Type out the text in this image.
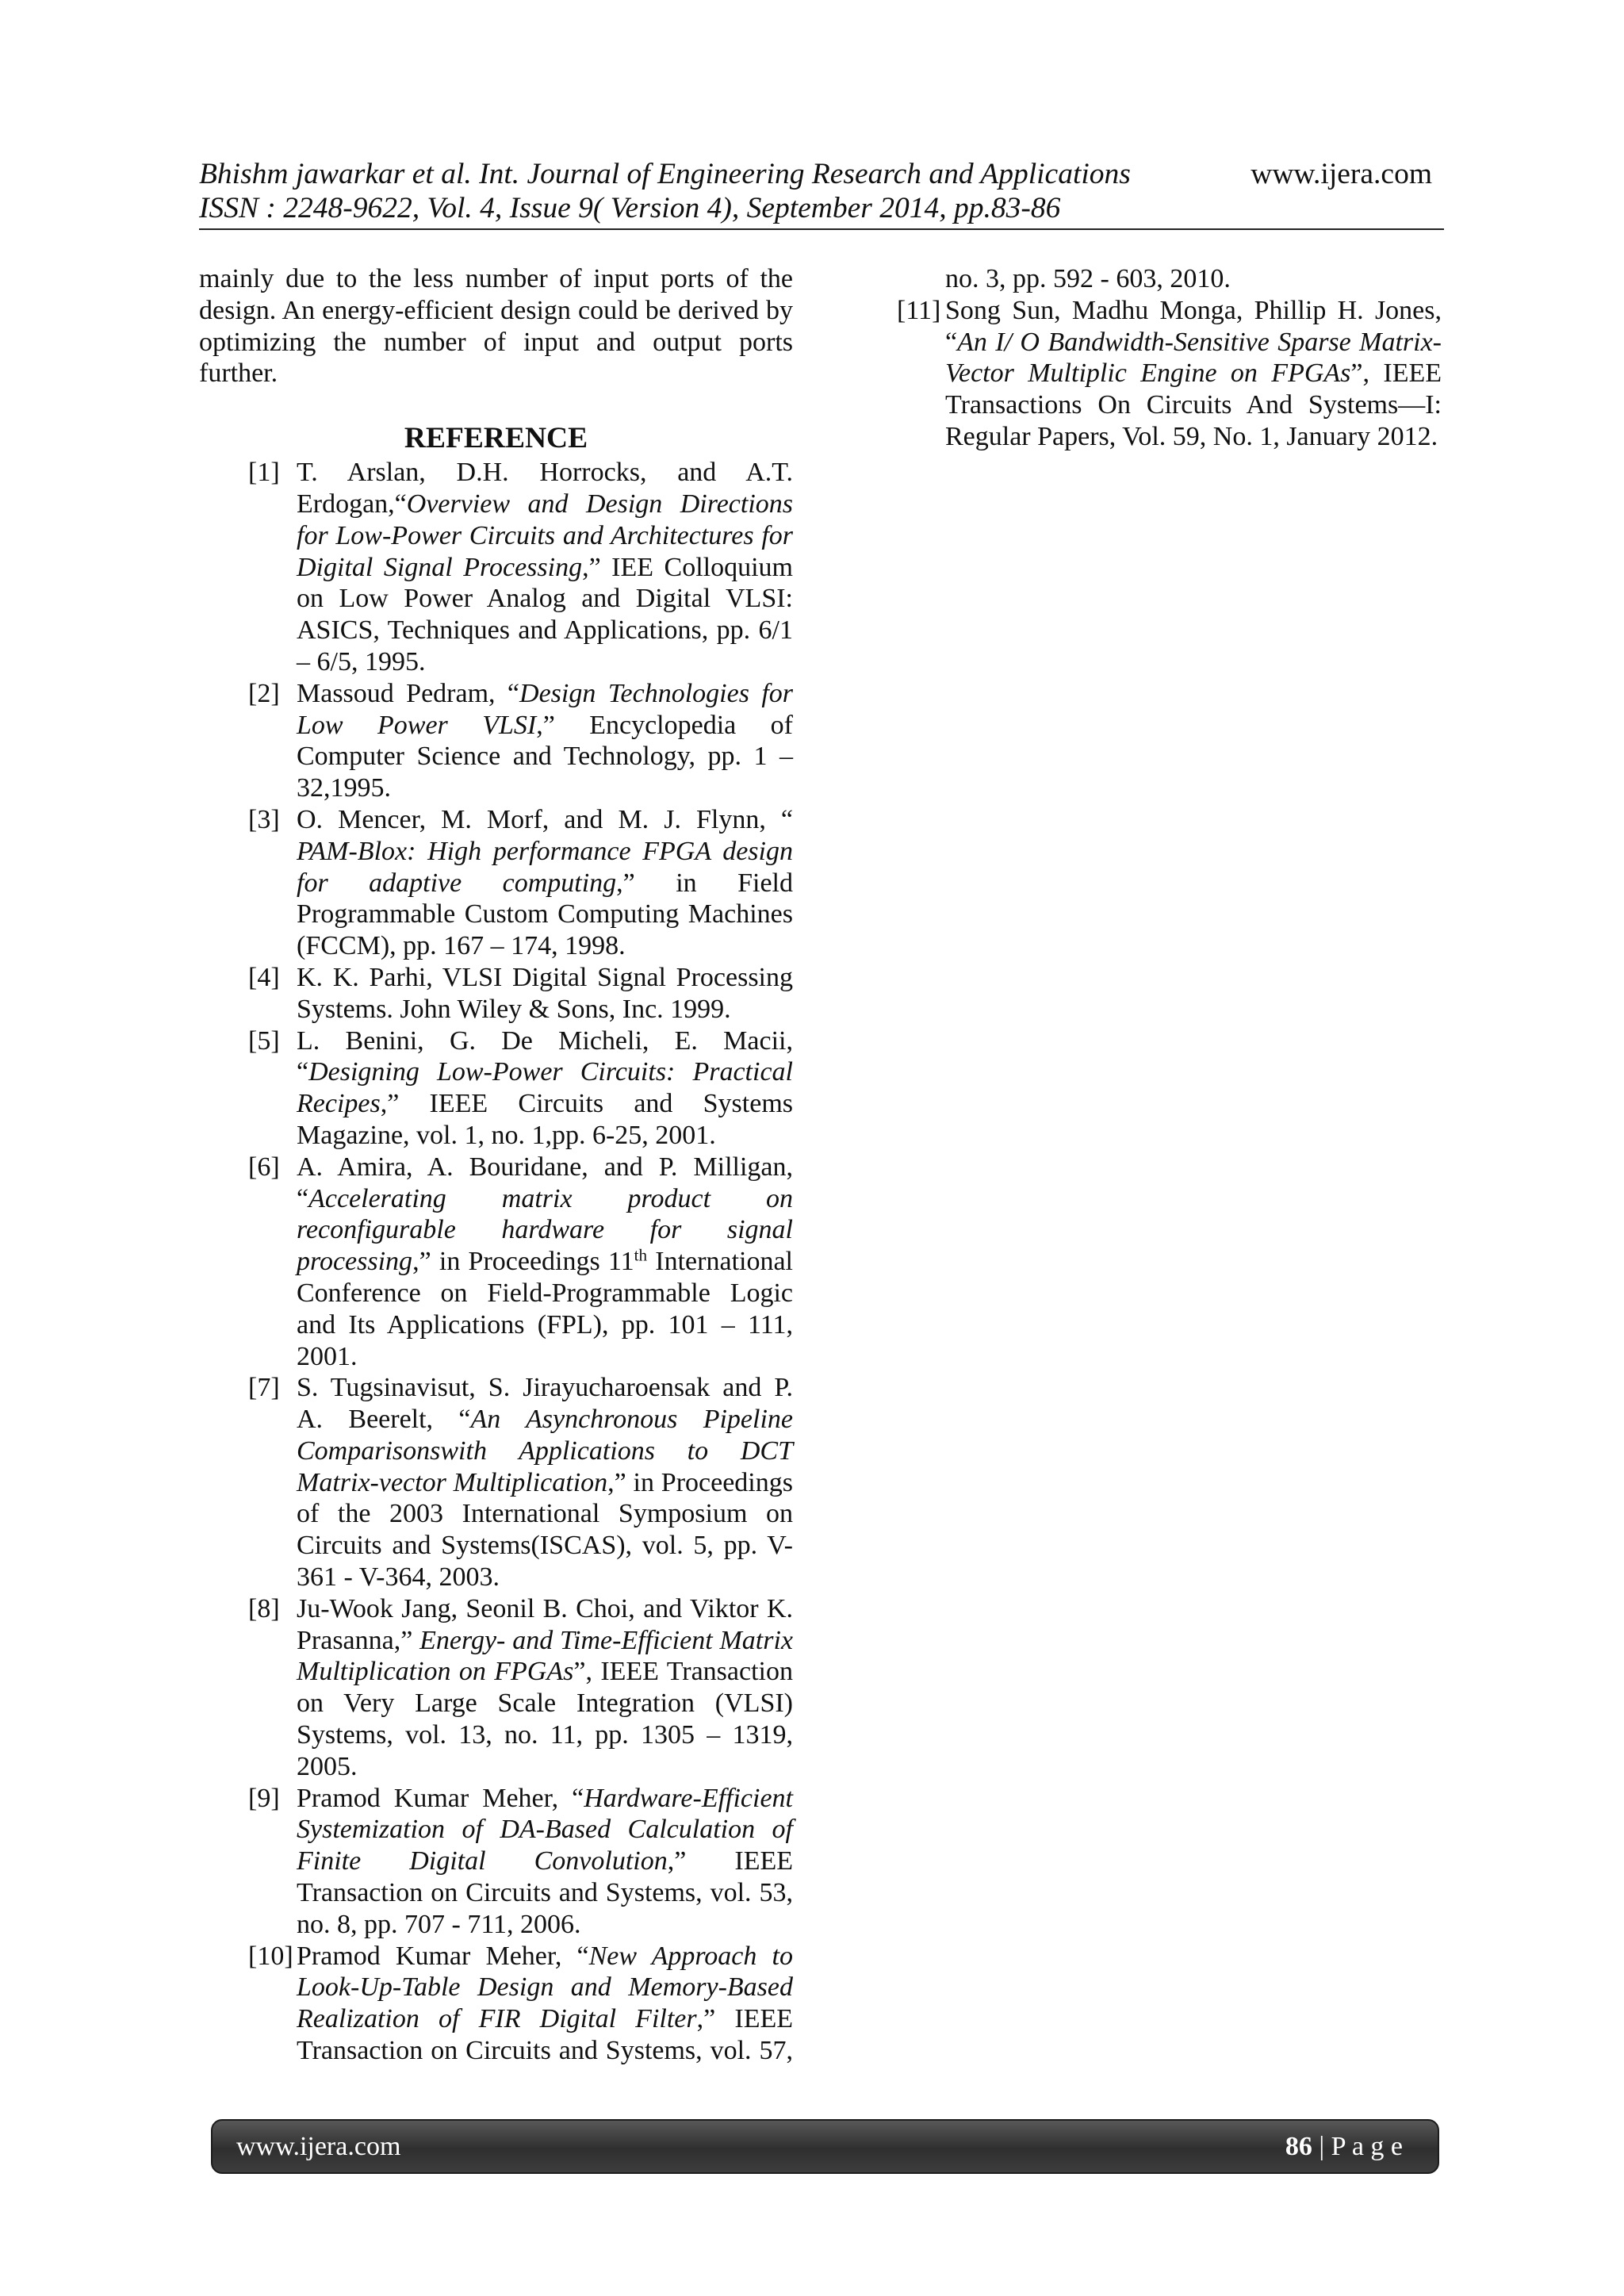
Bhishm jawarkar et al. Int. Journal of Engineering Research and Applications	www.ijera.com
ISSN : 2248-9622, Vol. 4, Issue 9( Version 4), September 2014, pp.83-86

mainly due to the less number of input ports of the design. An energy-efficient design could be derived by optimizing the number of input and output ports further.

REFERENCE
[1] T. Arslan, D.H. Horrocks, and A.T. Erdogan,“Overview and Design Directions for Low-Power Circuits and Architectures for Digital Signal Processing,” IEE Colloquium on Low Power Analog and Digital VLSI: ASICS, Techniques and Applications, pp. 6/1 – 6/5, 1995.
[2] Massoud Pedram, “Design Technologies for Low Power VLSI,” Encyclopedia of Computer Science and Technology, pp. 1 – 32,1995.
[3] O. Mencer, M. Morf, and M. J. Flynn, “ PAM-Blox: High performance FPGA design for adaptive computing,” in Field Programmable Custom Computing Machines (FCCM), pp. 167 – 174, 1998.
[4] K. K. Parhi, VLSI Digital Signal Processing Systems. John Wiley & Sons, Inc. 1999.
[5] L. Benini, G. De Micheli, E. Macii, “Designing Low-Power Circuits: Practical Recipes,” IEEE Circuits and Systems Magazine, vol. 1, no. 1,pp. 6-25, 2001.
[6] A. Amira, A. Bouridane, and P. Milligan, “Accelerating matrix product on reconfigurable hardware for signal processing,” in Proceedings 11th International Conference on Field-Programmable Logic and Its Applications (FPL), pp. 101 – 111, 2001.
[7] S. Tugsinavisut, S. Jirayucharoensak and P. A. Beerelt, “An Asynchronous Pipeline Comparisonswith Applications to DCT Matrix-vector Multiplication,” in Proceedings of the 2003 International Symposium on Circuits and Systems(ISCAS), vol. 5, pp. V-361 - V-364, 2003.
[8] Ju-Wook Jang, Seonil B. Choi, and Viktor K. Prasanna,” Energy- and Time-Efficient Matrix Multiplication on FPGAs”, IEEE Transaction on Very Large Scale Integration (VLSI) Systems, vol. 13, no. 11, pp. 1305 – 1319, 2005.
[9] Pramod Kumar Meher, “Hardware-Efficient Systemization of DA-Based Calculation of Finite Digital Convolution,” IEEE Transaction on Circuits and Systems, vol. 53, no. 8, pp. 707 - 711, 2006.
[10] Pramod Kumar Meher, “New Approach to Look-Up-Table Design and Memory-Based Realization of FIR Digital Filter,” IEEE Transaction on Circuits and Systems, vol. 57, no. 3, pp. 592 - 603, 2010.
[11] Song Sun, Madhu Monga, Phillip H. Jones, “An I/ O Bandwidth-Sensitive Sparse Matrix-Vector Multiplic Engine on FPGAs”, IEEE Transactions On Circuits And Systems—I: Regular Papers, Vol. 59, No. 1, January 2012.
www.ijera.com	86 | P a g e
